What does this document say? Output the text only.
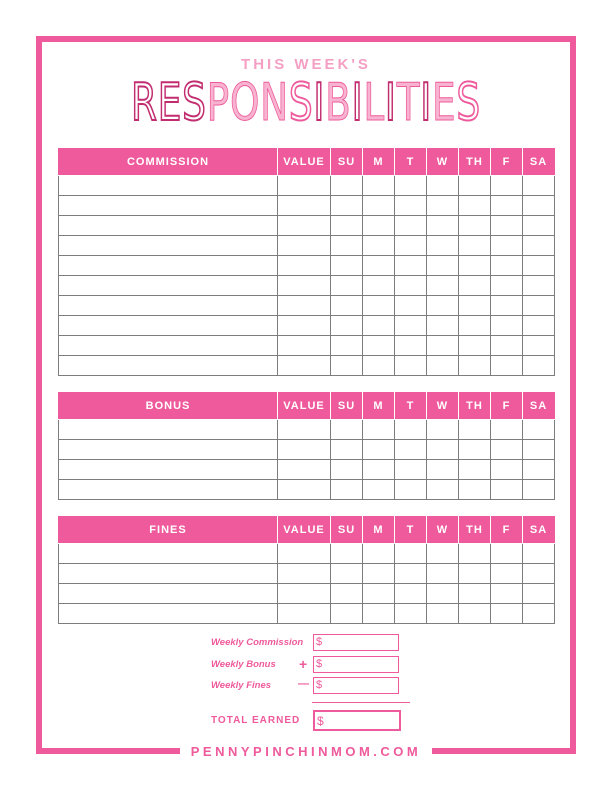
THIS WEEK'S
RESPONSIBILITIES
COMMISSION	VALUE	SU	M	T	W	TH	F	SA

BONUS	VALUE	SU	M	T	W	TH	F	SA

FINES	VALUE	SU	M	T	W	TH	F	SA

Weekly Commission $
Weekly Bonus + $
Weekly Fines — $
TOTAL EARNED $
PENNYPINCHINMOM.COM
